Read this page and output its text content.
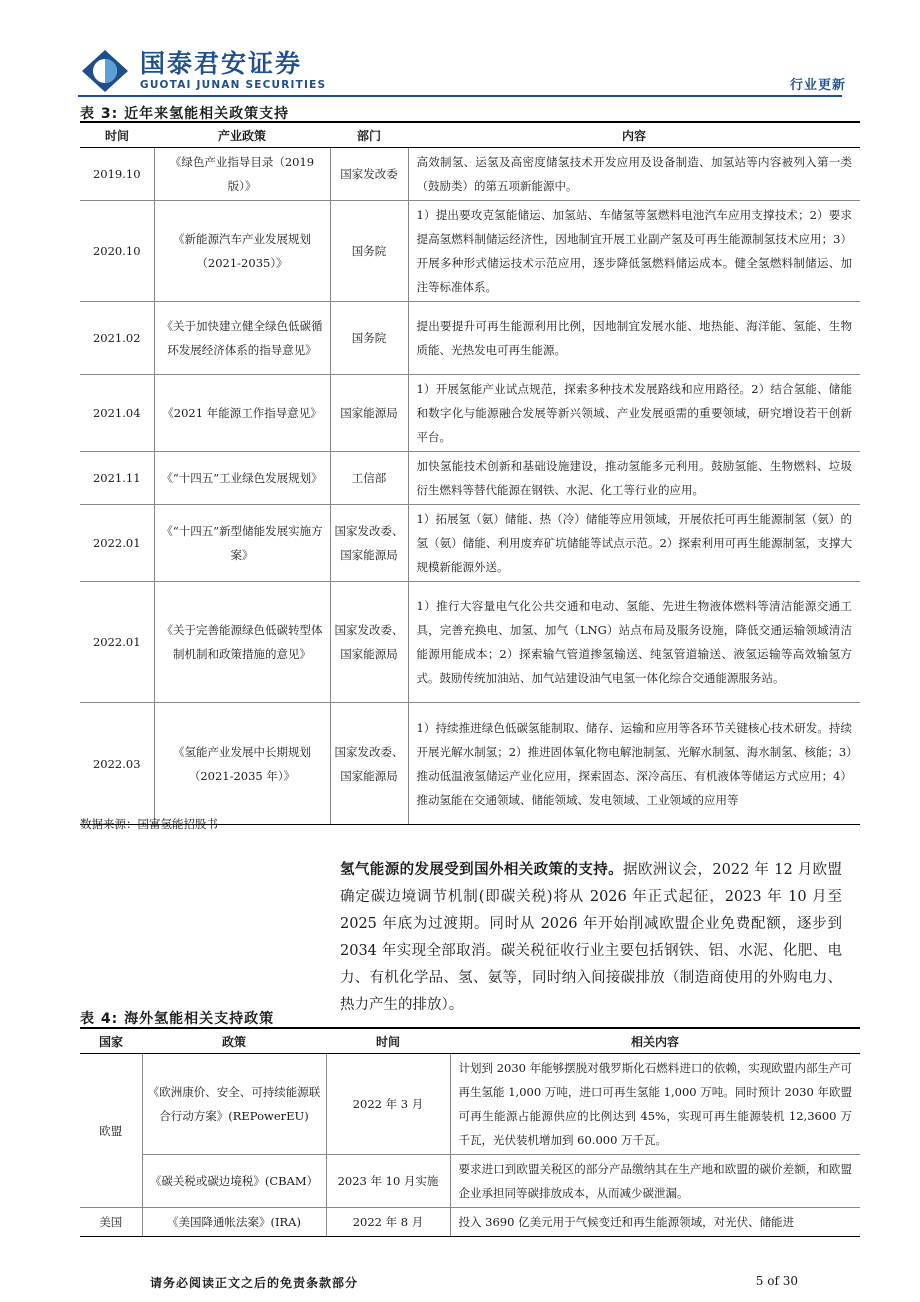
国泰君安证券
GUOTAI JUNAN SECURITIES	行业更新
表 3: 近年来氢能相关政策支持
时间	产业政策	部门	内容
2019.10	《绿色产业指导目录（2019 版）》	国家发改委	高效制氢、运氢及高密度储氢技术开发应用及设备制造、加氢站等内容被列入第一类（鼓励类）的第五项新能源中。
2020.10	《新能源汽车产业发展规划（2021-2035）》	国务院	1）提出要攻克氢能储运、加氢站、车储氢等氢燃料电池汽车应用支撑技术；2）要求提高氢燃料制储运经济性，因地制宜开展工业副产氢及可再生能源制氢技术应用；3）开展多种形式储运技术示范应用，逐步降低氢燃料储运成本。健全氢燃料制储运、加注等标准体系。
2021.02	《关于加快建立健全绿色低碳循环发展经济体系的指导意见》	国务院	提出要提升可再生能源利用比例，因地制宜发展水能、地热能、海洋能、氢能、生物质能、光热发电可再生能源。
2021.04	《2021 年能源工作指导意见》	国家能源局	1）开展氢能产业试点规范，探索多种技术发展路线和应用路径。2）结合氢能、储能和数字化与能源融合发展等新兴领域、产业发展亟需的重要领域，研究增设若干创新平台。
2021.11	《“十四五”工业绿色发展规划》	工信部	加快氢能技术创新和基础设施建设，推动氢能多元利用。鼓励氢能、生物燃料、垃圾衍生燃料等替代能源在钢铁、水泥、化工等行业的应用。
2022.01	《“十四五”新型储能发展实施方案》	国家发改委、国家能源局	1）拓展氢（氨）储能、热（冷）储能等应用领域，开展依托可再生能源制氢（氨）的氢（氨）储能、利用废弃矿坑储能等试点示范。2）探索利用可再生能源制氢，支撑大规模新能源外送。
2022.01	《关于完善能源绿色低碳转型体制机制和政策措施的意见》	国家发改委、国家能源局	1）推行大容量电气化公共交通和电动、氢能、先进生物液体燃料等清洁能源交通工具，完善充换电、加氢、加气（LNG）站点布局及服务设施，降低交通运输领域清洁能源用能成本；2）探索输气管道掺氢输送、纯氢管道输送、液氢运输等高效输氢方式。鼓励传统加油站、加气站建设油气电氢一体化综合交通能源服务站。
2022.03	《氢能产业发展中长期规划（2021-2035 年）》	国家发改委、国家能源局	1）持续推进绿色低碳氢能制取、储存、运输和应用等各环节关键核心技术研发。持续开展光解水制氢；2）推进固体氧化物电解池制氢、光解水制氢、海水制氢、核能；3）推动低温液氢储运产业化应用，探索固态、深冷高压、有机液体等储运方式应用；4）推动氢能在交通领域、储能领域、发电领域、工业领域的应用等
数据来源：国富氢能招股书
氢气能源的发展受到国外相关政策的支持。据欧洲议会，2022 年 12 月欧盟确定碳边境调节机制(即碳关税)将从 2026 年正式起征，2023 年 10 月至 2025 年底为过渡期。同时从 2026 年开始削减欧盟企业免费配额，逐步到 2034 年实现全部取消。碳关税征收行业主要包括钢铁、铝、水泥、化肥、电力、有机化学品、氢、氨等，同时纳入间接碳排放（制造商使用的外购电力、热力产生的排放）。
表 4: 海外氢能相关支持政策
国家	政策	时间	相关内容
欧盟	《欧洲康价、安全、可持续能源联合行动方案》(REPowerEU)	2022 年 3 月	计划到 2030 年能够摆脱对俄罗斯化石燃料进口的依赖，实现欧盟内部生产可再生氢能 1,000 万吨，进口可再生氢能 1,000 万吨。同时预计 2030 年欧盟可再生能源占能源供应的比例达到 45%，实现可再生能源装机 12,3600 万千瓦，光伏装机增加到 60.000 万千瓦。
	《碳关税或碳边境税》(CBAM）	2023 年 10 月实施	要求进口到欧盟关税区的部分产品缴纳其在生产地和欧盟的碳价差额，和欧盟企业承担同等碳排放成本，从而减少碳泄漏。
美国	《美国降通帐法案》(IRA)	2022 年 8 月	投入 3690 亿美元用于气候变迁和再生能源领域，对光伏、储能进
请务必阅读正文之后的免责条款部分	5 of 30
